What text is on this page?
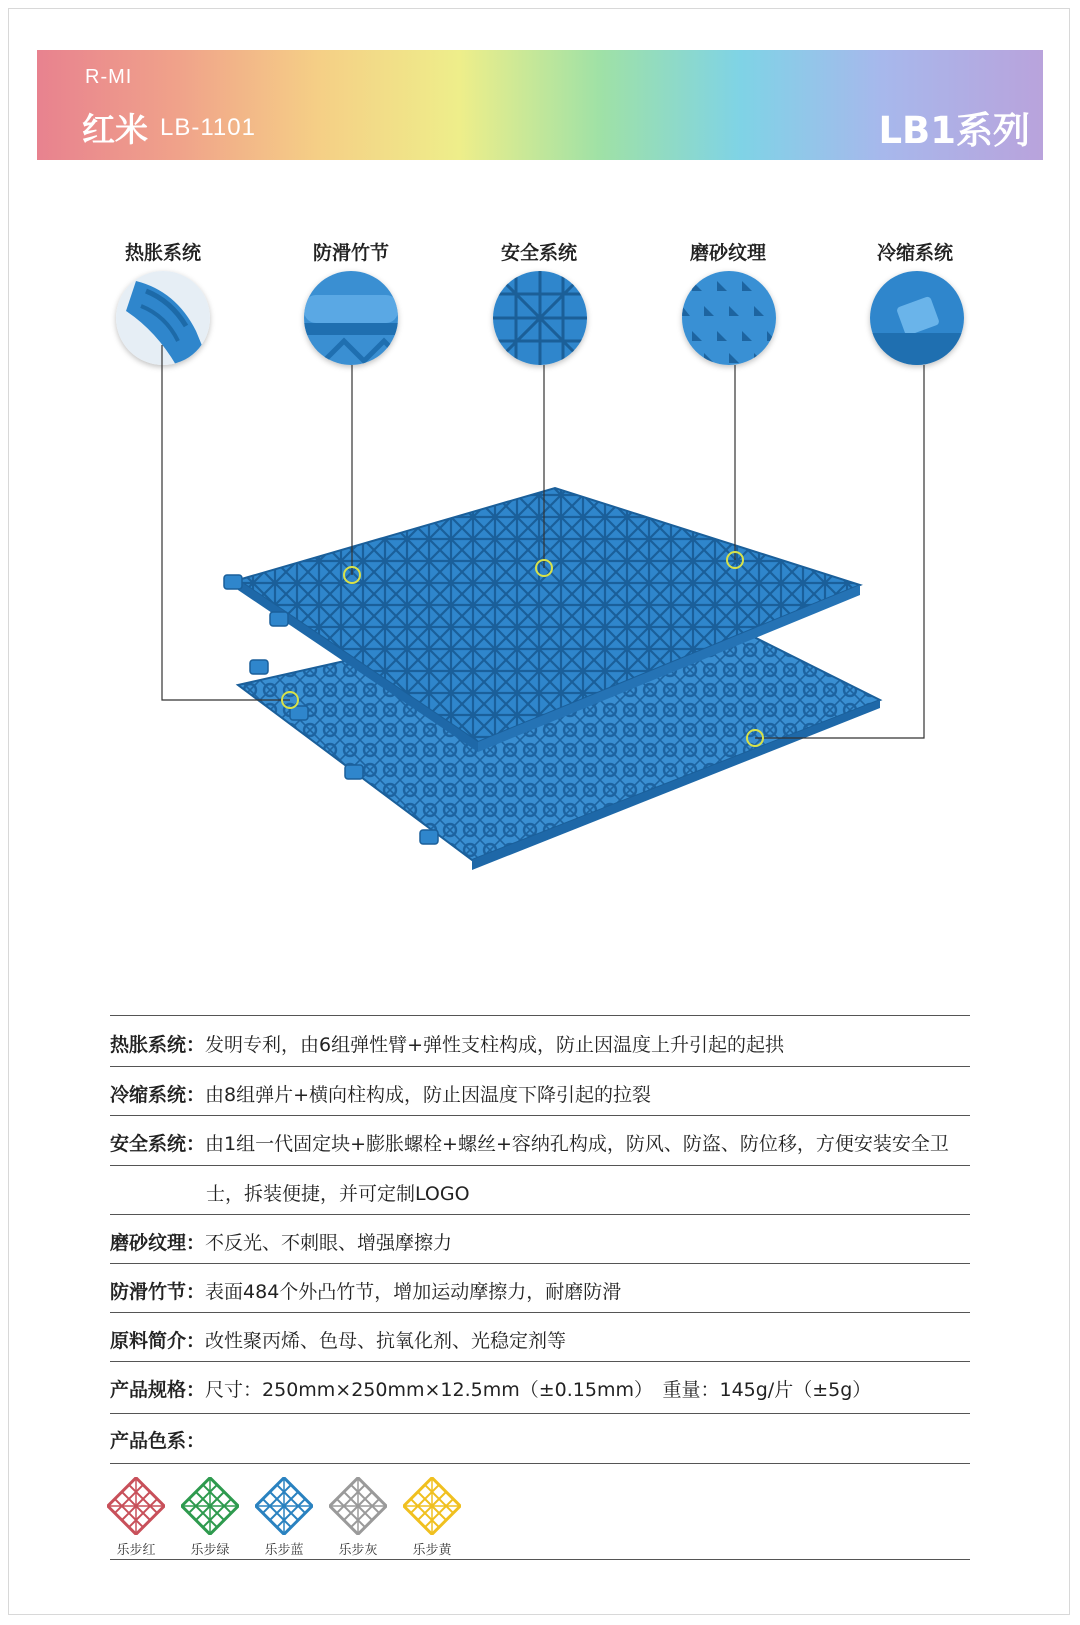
R-MI
红米 LB-1101	LB1系列
热胀系统	防滑竹节	安全系统	磨砂纹理	冷缩系统
热胀系统：发明专利，由6组弹性臂+弹性支柱构成，防止因温度上升引起的起拱
冷缩系统：由8组弹片+横向柱构成，防止因温度下降引起的拉裂
安全系统：由1组一代固定块+膨胀螺栓+螺丝+容纳孔构成，防风、防盗、防位移，方便安装安全卫
士，拆装便捷，并可定制LOGO
磨砂纹理：不反光、不刺眼、增强摩擦力
防滑竹节：表面484个外凸竹节，增加运动摩擦力，耐磨防滑
原料简介：改性聚丙烯、色母、抗氧化剂、光稳定剂等
产品规格：尺寸：250mm×250mm×12.5mm（±0.15mm）　重量：145g/片（±5g）
产品色系：
乐步红	乐步绿	乐步蓝	乐步灰	乐步黄
